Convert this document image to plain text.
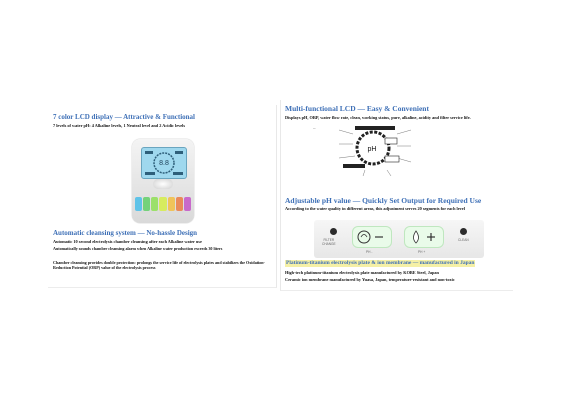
7 color LCD display — Attractive & Functional
7 levels of water pH: 4 Alkaline levels, 1 Neutral level and 2 Acidic levels
8.8
Automatic cleansing system — No-hassle Design
Automatic 10 second electrolysis chamber cleansing after each Alkaline water use
Automatically sounds chamber cleansing alarm when Alkaline water production exceeds 30 liters
Chamber cleansing provides double protection: prolongs the service life of electrolysis plates and stabilizes the Oxidation-Reduction Potential (ORP) value of the electrolysis process
Multi-functional LCD — Easy & Convenient
Displays pH, ORP, water flow rate, clean, working status, pure, alkaline, acidity and filter service life.
pH
—
Adjustable pH value — Quickly Set Output for Required Use
According to the water quality in different areas, this adjustment serves 20 segments for each level
FILTER
CHANGE
PH -	PH +
CLEAN
Platinum-titanium electrolysis plate & ion membrane — manufactured in Japan
High-tech platinum-titanium electrolysis plate manufactured by KOBE Steel, Japan
Ceramic ion membrane manufactured by Yuasa, Japan, temperature-resistant and non-toxic
